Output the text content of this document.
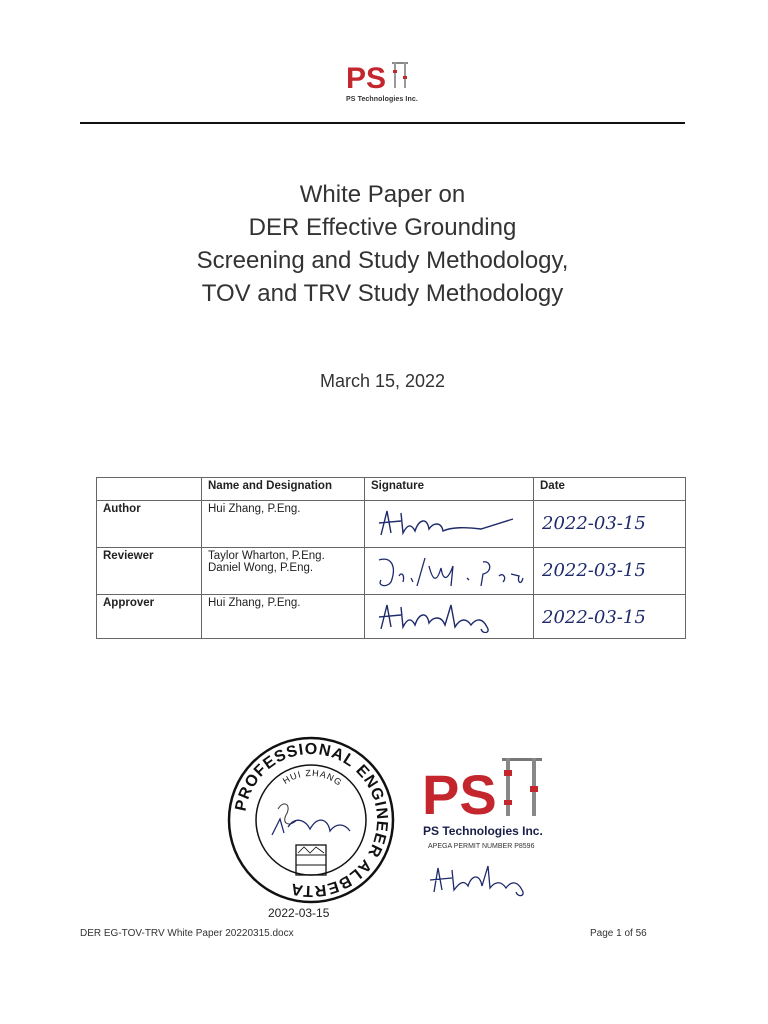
PS
PS Technologies Inc.
White Paper on
DER Effective Grounding
Screening and Study Methodology,
TOV and TRV Study Methodology
March 15, 2022
	Name and Designation	Signature	Date
Author	Hui Zhang, P.Eng.		2022-03-15

Reviewer	Taylor Wharton, P.Eng.
Daniel Wong, P.Eng.		2022-03-15

Approver	Hui Zhang, P.Eng.		2022-03-15
PROFESSIONAL ENGINEER ALBERTA
HUI ZHANG
2022-03-15
PS
PS Technologies Inc.
APEGA PERMIT NUMBER P8596
DER EG-TOV-TRV White Paper 20220315.docx	Page 1 of 56
